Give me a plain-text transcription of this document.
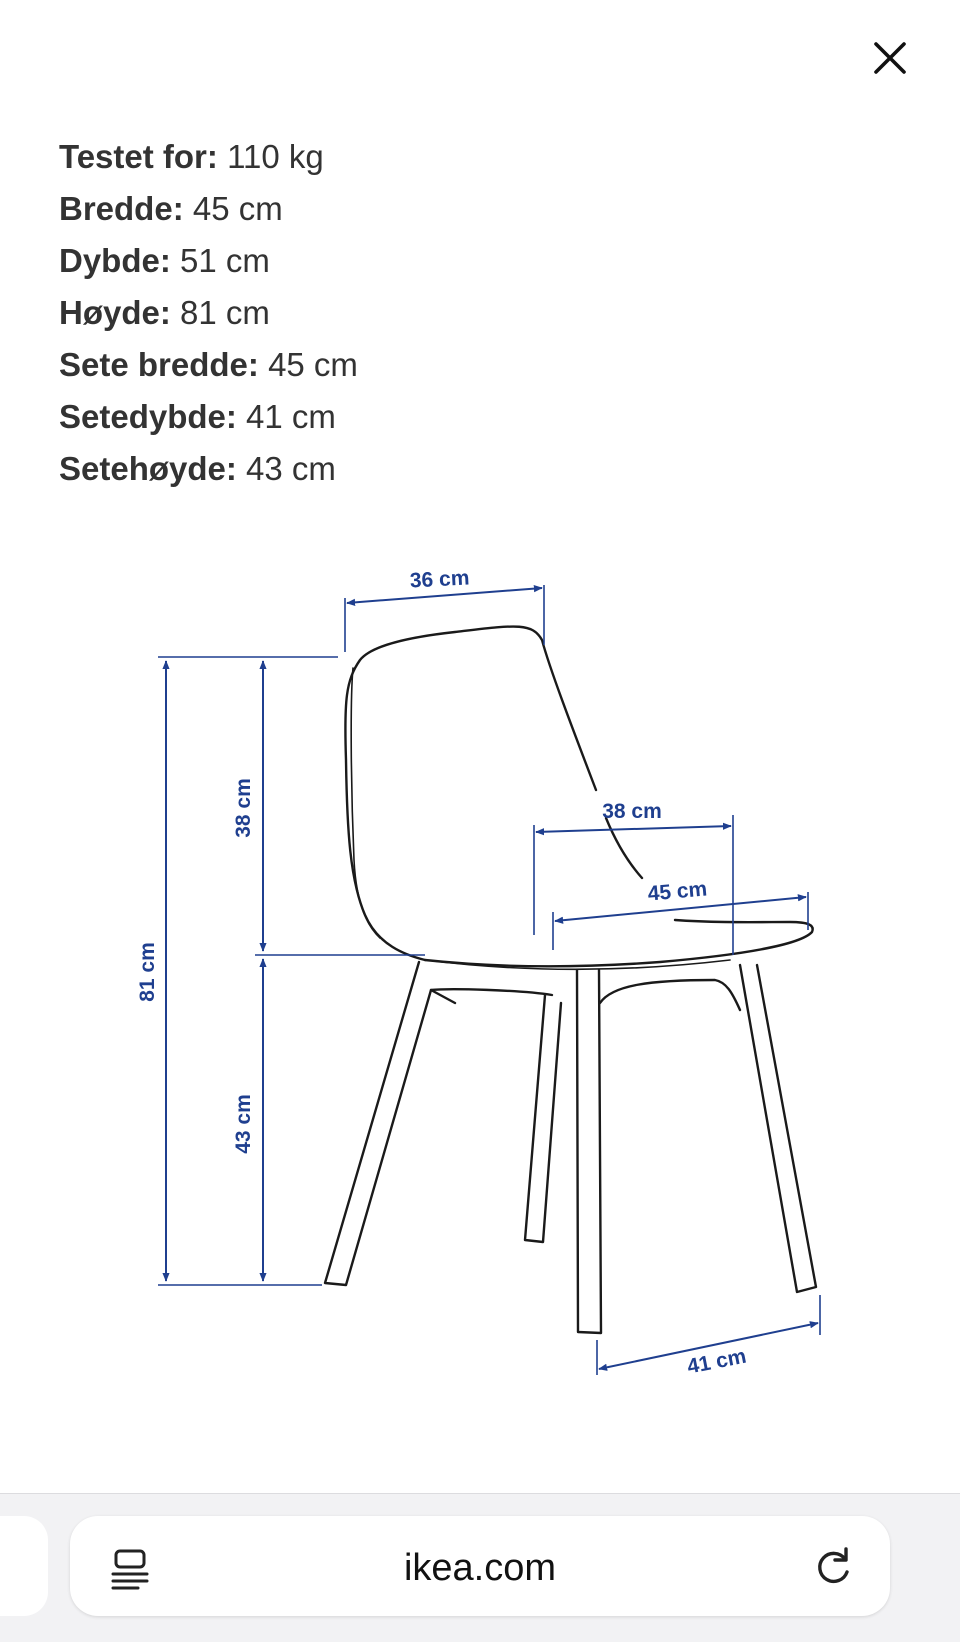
Testet for: 110 kg
Bredde: 45 cm
Dybde: 51 cm
Høyde: 81 cm
Sete bredde: 45 cm
Setedybde: 41 cm
Setehøyde: 43 cm
36 cm
38 cm
81 cm
43 cm
38 cm
45 cm
41 cm
ikea.com
